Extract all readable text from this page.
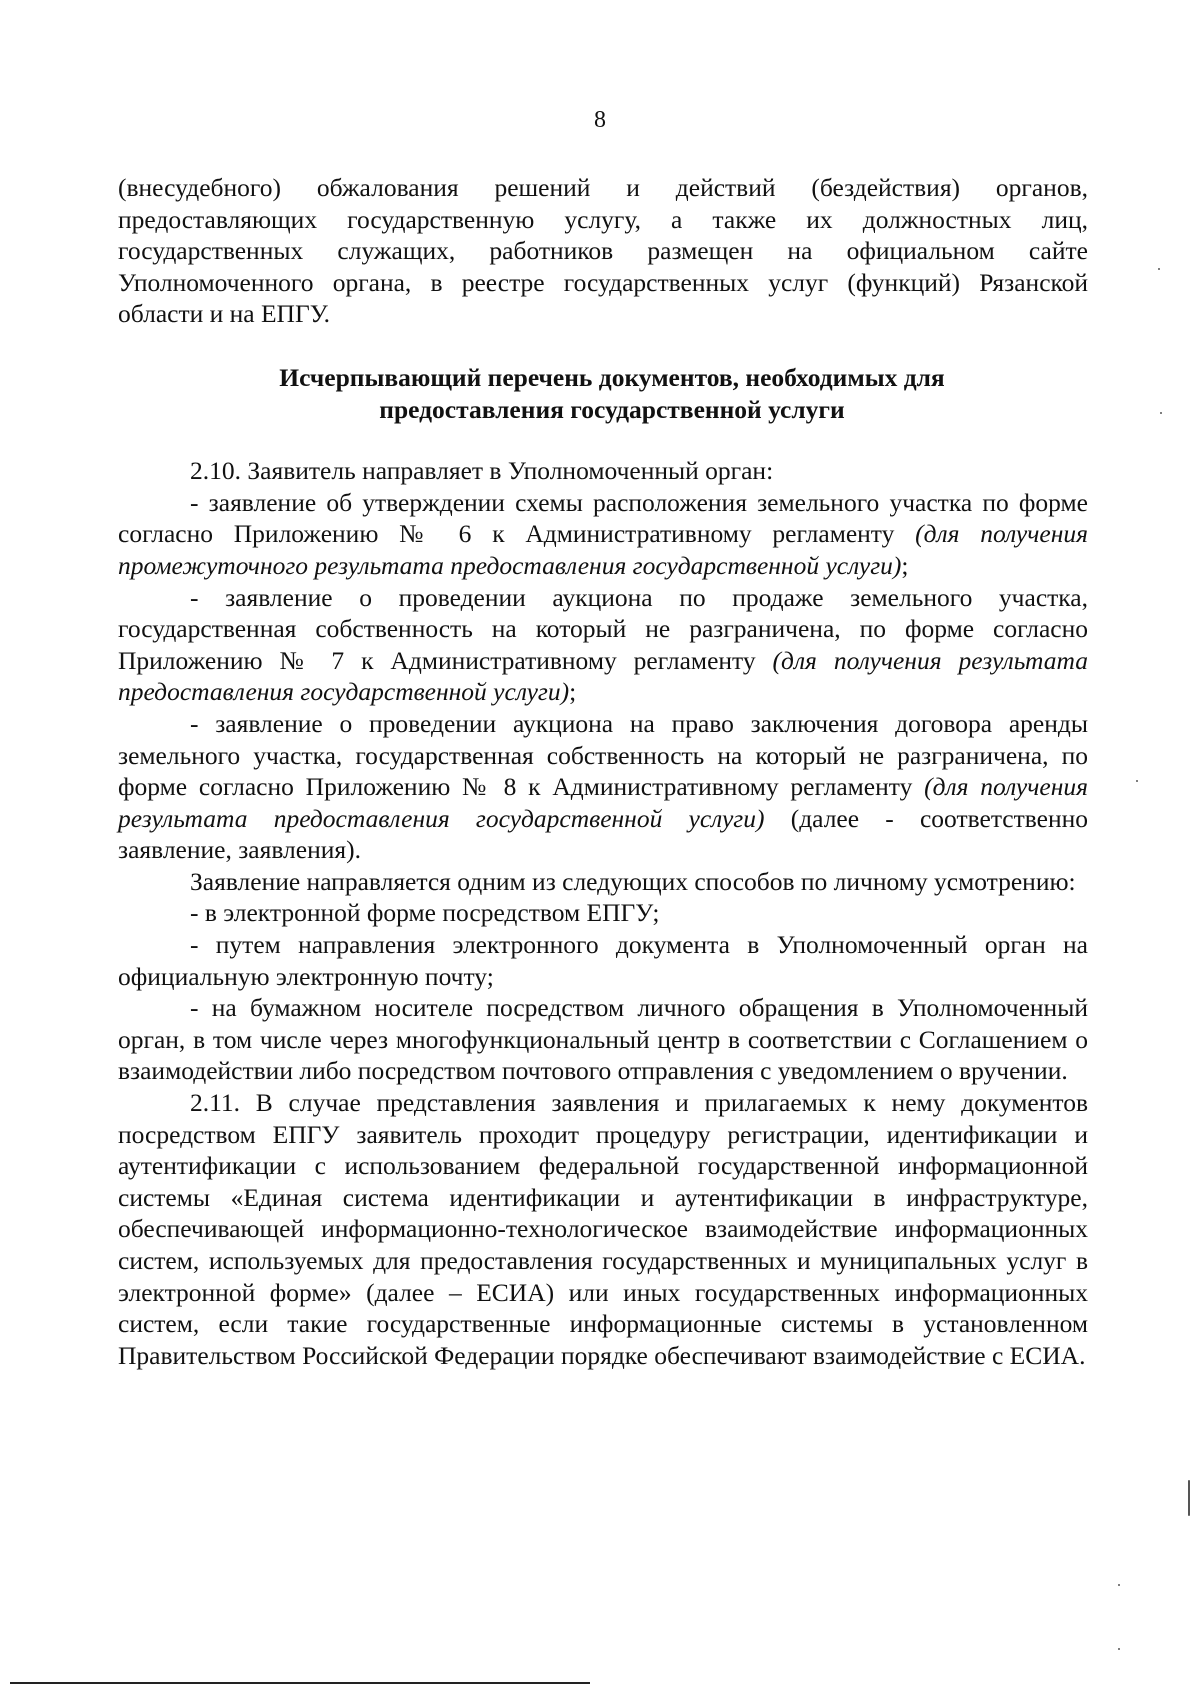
8

(внесудебного) обжалования решений и действий (бездействия) органов, предоставляющих государственную услугу, а также их должностных лиц, государственных служащих, работников размещен на официальном сайте Уполномоченного органа, в реестре государственных услуг (функций) Рязанской области и на ЕПГУ.

Исчерпывающий перечень документов, необходимых для
предоставления государственной услуги

2.10. Заявитель направляет в Уполномоченный орган:

- заявление об утверждении схемы расположения земельного участка по форме согласно Приложению № 6 к Административному регламенту (для получения промежуточного результата предоставления государственной услуги);

- заявление о проведении аукциона по продаже земельного участка, государственная собственность на который не разграничена, по форме согласно Приложению № 7 к Административному регламенту (для получения результата предоставления государственной услуги);

- заявление о проведении аукциона на право заключения договора аренды земельного участка, государственная собственность на который не разграничена, по форме согласно Приложению № 8 к Административному регламенту (для получения результата предоставления государственной услуги) (далее - соответственно заявление, заявления).

Заявление направляется одним из следующих способов по личному усмотрению:

- в электронной форме посредством ЕПГУ;

- путем направления электронного документа в Уполномоченный орган на официальную электронную почту;

- на бумажном носителе посредством личного обращения в Уполномоченный орган, в том числе через многофункциональный центр в соответствии с Соглашением о взаимодействии либо посредством почтового отправления с уведомлением о вручении.

2.11. В случае представления заявления и прилагаемых к нему документов посредством ЕПГУ заявитель проходит процедуру регистрации, идентификации и аутентификации с использованием федеральной государственной информационной системы «Единая система идентификации и аутентификации в инфраструктуре, обеспечивающей информационно-технологическое взаимодействие информационных систем, используемых для предоставления государственных и муниципальных услуг в электронной форме» (далее – ЕСИА) или иных государственных информационных систем, если такие государственные информационные системы в установленном Правительством Российской Федерации порядке обеспечивают взаимодействие с ЕСИА.
